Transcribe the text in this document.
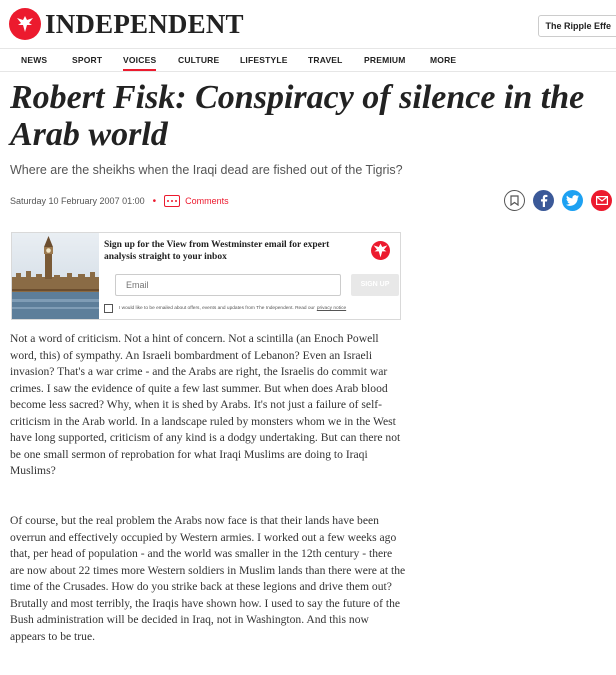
INDEPENDENT	The Ripple Effe
NEWS	SPORT VOICES	CULTURE LIFESTYLE TRAVEL	PREMIUM	MORE
Robert Fisk: Conspiracy of silence in the Arab world
Where are the sheikhs when the Iraqi dead are fished out of the Tigris?
Saturday 10 February 2007 01:00 •	Comments
Sign up for the View from Westminster email for expert analysis straight to your inbox
Email
SIGN UP
I would like to be emailed about offers, events and updates from The Independent. Read our privacy notice

Not a word of criticism. Not a hint of concern. Not a scintilla (an Enoch Powell word, this) of sympathy. An Israeli bombardment of Lebanon? Even an Israeli invasion? That's a war crime - and the Arabs are right, the Israelis do commit war crimes. I saw the evidence of quite a few last summer. But when does Arab blood become less sacred? Why, when it is shed by Arabs. It's not just a failure of self-criticism in the Arab world. In a landscape ruled by monsters whom we in the West have long supported, criticism of any kind is a dodgy undertaking. But can there not be one small sermon of reprobation for what Iraqi Muslims are doing to Iraqi Muslims?

Of course, but the real problem the Arabs now face is that their lands have been overrun and effectively occupied by Western armies. I worked out a few weeks ago that, per head of population - and the world was smaller in the 12th century - there are now about 22 times more Western soldiers in Muslim lands than there were at the time of the Crusades. How do you strike back at these legions and drive them out? Brutally and most terribly, the Iraqis have shown how. I used to say the future of the Bush administration will be decided in Iraq, not in Washington. And this now appears to be true.
